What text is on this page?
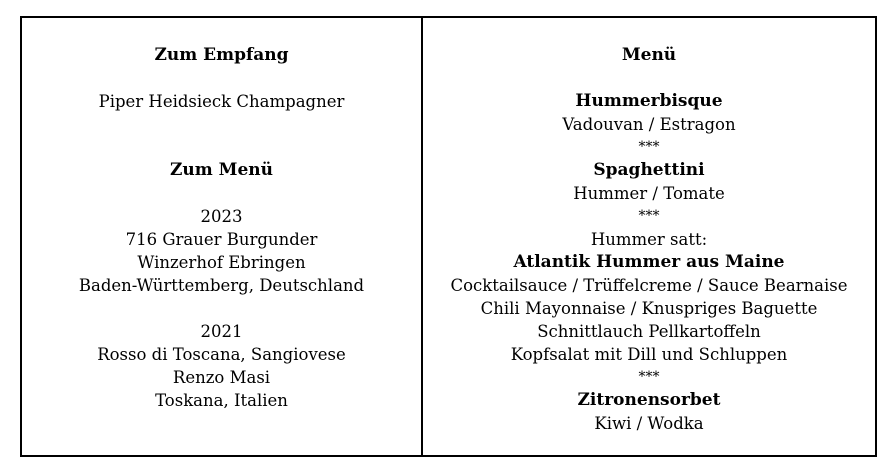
Zum Empfang
Piper Heidsieck Champagner
Zum Menü
2023
716 Grauer Burgunder
Winzerhof Ebringen
Baden-Württemberg, Deutschland
2021
Rosso di Toscana, Sangiovese
Renzo Masi
Toskana, Italien

Menü
Hummerbisque
Vadouvan / Estragon
***
Spaghettini
Hummer / Tomate
***
Hummer satt:
Atlantik Hummer aus Maine
Cocktailsauce / Trüffelcreme / Sauce Bearnaise
Chili Mayonnaise / Knuspriges Baguette
Schnittlauch Pellkartoffeln
Kopfsalat mit Dill und Schluppen
***
Zitronensorbet
Kiwi / Wodka
